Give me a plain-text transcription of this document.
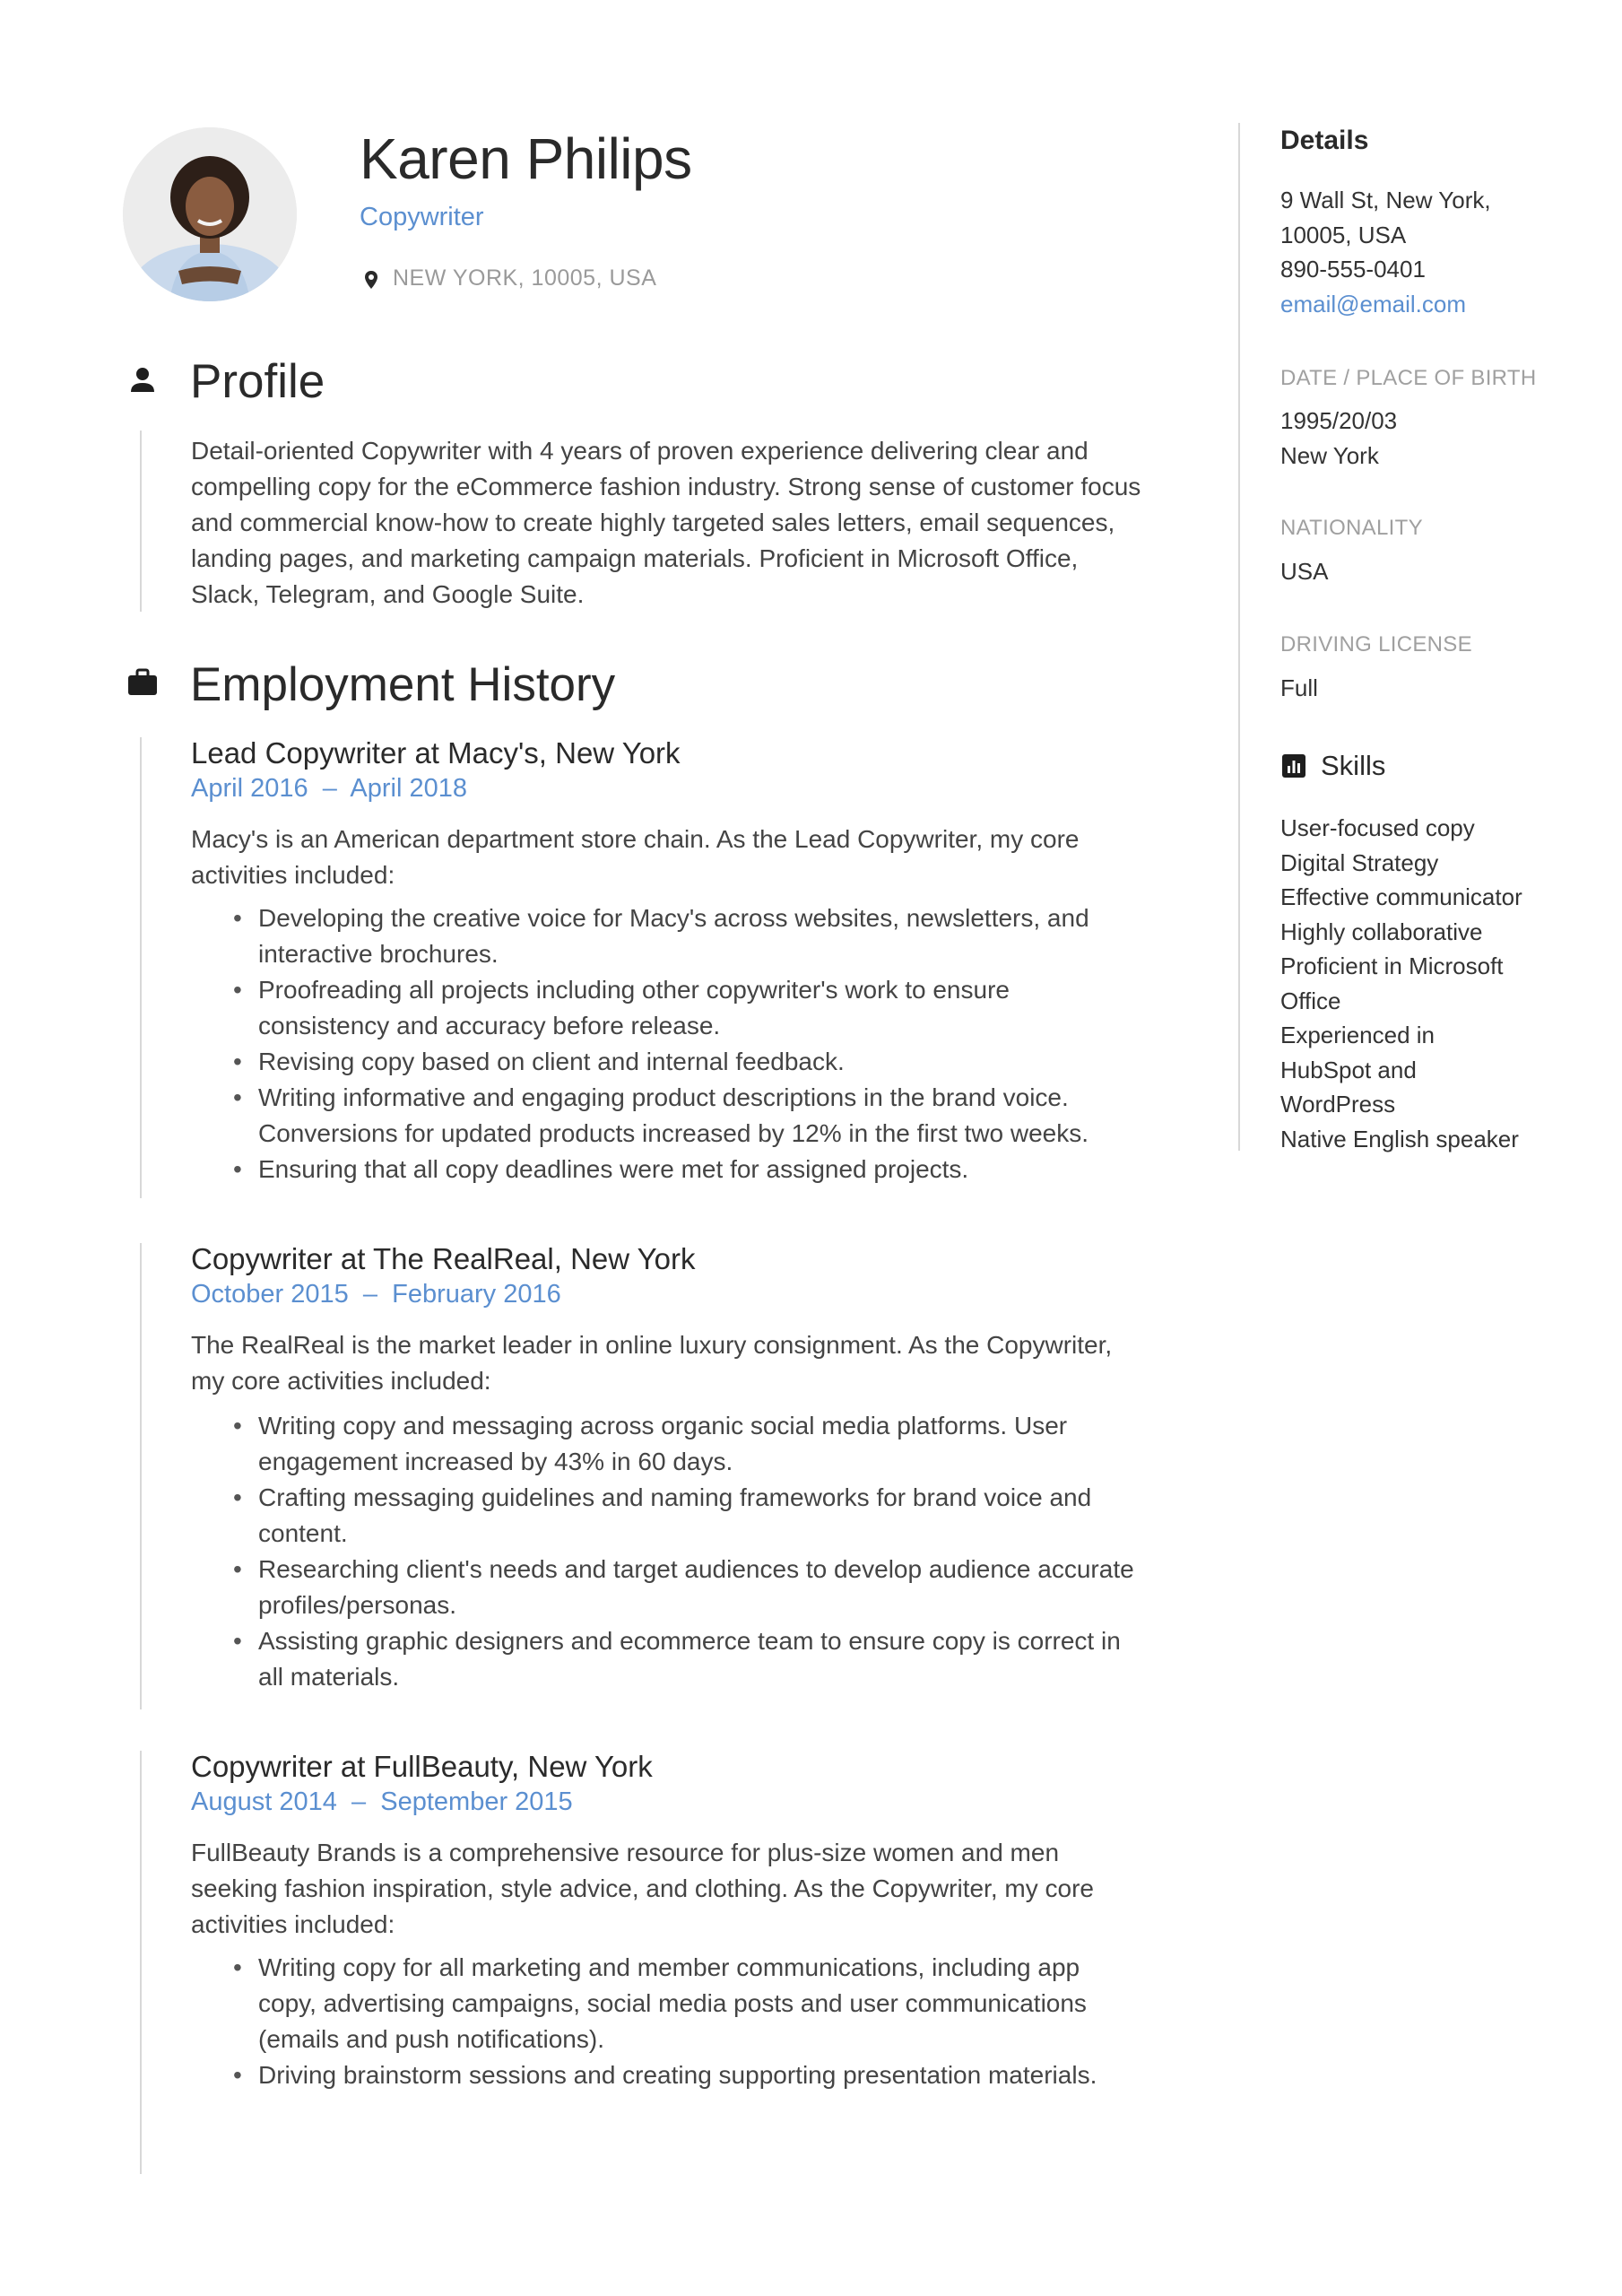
Karen Philips
Copywriter
NEW YORK, 10005, USA
Profile
Detail-oriented Copywriter with 4 years of proven experience delivering clear and
compelling copy for the eCommerce fashion industry. Strong sense of customer focus
and commercial know-how to create highly targeted sales letters, email sequences,
landing pages, and marketing campaign materials. Proficient in Microsoft Office,
Slack, Telegram, and Google Suite.
Employment History
Lead Copywriter at Macy's, New York
April 2016 – April 2018
Macy's is an American department store chain. As the Lead Copywriter, my core
activities included:
• Developing the creative voice for Macy's across websites, newsletters, and
interactive brochures.
• Proofreading all projects including other copywriter's work to ensure
consistency and accuracy before release.
• Revising copy based on client and internal feedback.
• Writing informative and engaging product descriptions in the brand voice.
Conversions for updated products increased by 12% in the first two weeks.
• Ensuring that all copy deadlines were met for assigned projects.
Copywriter at The RealReal, New York
October 2015 – February 2016
The RealReal is the market leader in online luxury consignment. As the Copywriter,
my core activities included:
• Writing copy and messaging across organic social media platforms. User
engagement increased by 43% in 60 days.
• Crafting messaging guidelines and naming frameworks for brand voice and
content.
• Researching client's needs and target audiences to develop audience accurate
profiles/personas.
• Assisting graphic designers and ecommerce team to ensure copy is correct in
all materials.
Copywriter at FullBeauty, New York
August 2014 – September 2015
FullBeauty Brands is a comprehensive resource for plus-size women and men
seeking fashion inspiration, style advice, and clothing. As the Copywriter, my core
activities included:
• Writing copy for all marketing and member communications, including app
copy, advertising campaigns, social media posts and user communications
(emails and push notifications).
• Driving brainstorm sessions and creating supporting presentation materials.
Details
9 Wall St, New York,
10005, USA
890-555-0401
email@email.com
DATE / PLACE OF BIRTH
1995/20/03
New York
NATIONALITY
USA
DRIVING LICENSE
Full
Skills
User-focused copy
Digital Strategy
Effective communicator
Highly collaborative
Proficient in Microsoft
Office
Experienced in
HubSpot and
WordPress
Native English speaker
